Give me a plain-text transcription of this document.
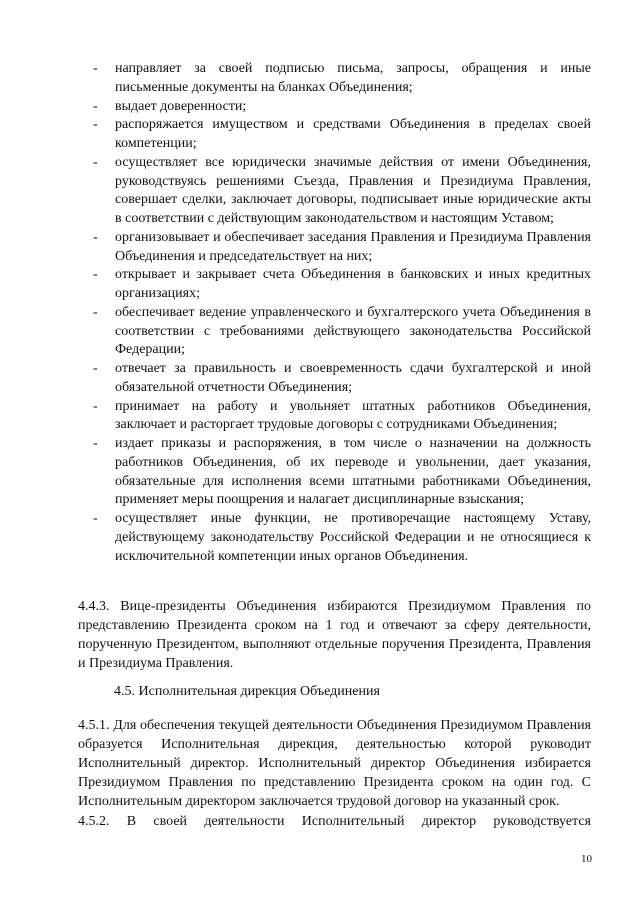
- направляет за своей подписью письма, запросы, обращения и иные письменные документы на бланках Объединения;
- выдает доверенности;
- распоряжается имуществом и средствами Объединения в пределах своей компетенции;
- осуществляет все юридически значимые действия от имени Объединения, руководствуясь решениями Съезда, Правления и Президиума Правления, совершает сделки, заключает договоры, подписывает иные юридические акты в соответствии с действующим законодательством и настоящим Уставом;
- организовывает и обеспечивает заседания Правления и Президиума Правления Объединения и председательствует на них;
- открывает и закрывает счета Объединения в банковских и иных кредитных организациях;
- обеспечивает ведение управленческого и бухгалтерского учета Объединения в соответствии с требованиями действующего законодательства Российской Федерации;
- отвечает за правильность и своевременность сдачи бухгалтерской и иной обязательной отчетности Объединения;
- принимает на работу и увольняет штатных работников Объединения, заключает и расторгает трудовые договоры с сотрудниками Объединения;
- издает приказы и распоряжения, в том числе о назначении на должность работников Объединения, об их переводе и увольнении, дает указания, обязательные для исполнения всеми штатными работниками Объединения, применяет меры поощрения и налагает дисциплинарные взыскания;
- осуществляет иные функции, не противоречащие настоящему Уставу, действующему законодательству Российской Федерации и не относящиеся к исключительной компетенции иных органов Объединения.

4.4.3. Вице-президенты Объединения избираются Президиумом Правления по представлению Президента сроком на 1 год и отвечают за сферу деятельности, порученную Президентом, выполняют отдельные поручения Президента, Правления и Президиума Правления.

4.5. Исполнительная дирекция Объединения

4.5.1. Для обеспечения текущей деятельности Объединения Президиумом Правления образуется Исполнительная дирекция, деятельностью которой руководит Исполнительный директор. Исполнительный директор Объединения избирается Президиумом Правления по представлению Президента сроком на один год. С Исполнительным директором заключается трудовой договор на указанный срок.

4.5.2. В своей деятельности Исполнительный директор руководствуется

10
